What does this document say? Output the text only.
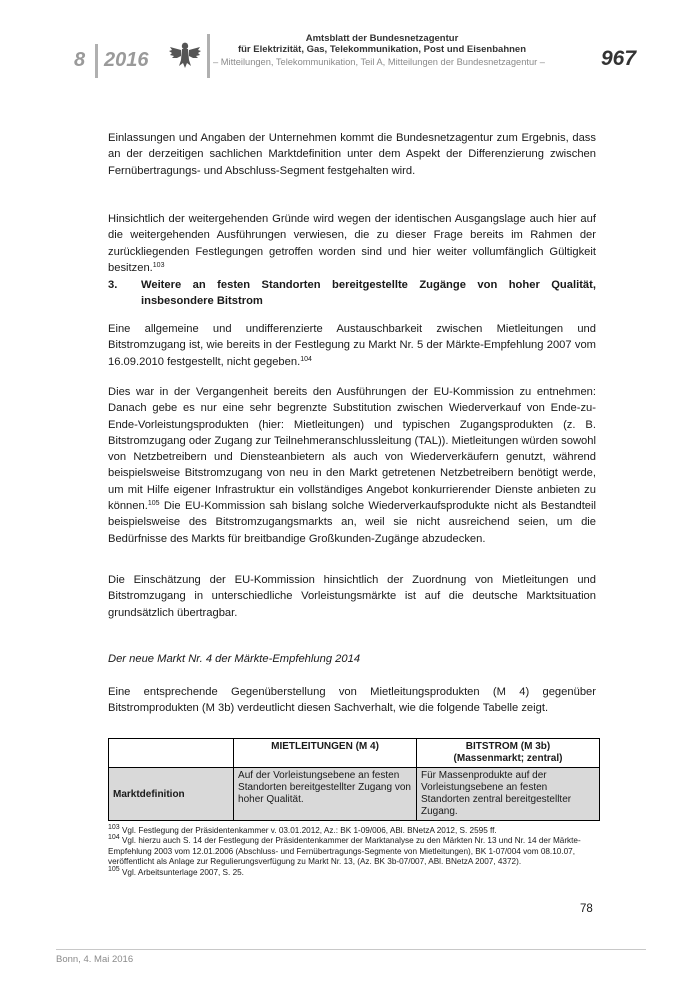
8 2016
Amtsblatt der Bundesnetzagentur
für Elektrizität, Gas, Telekommunikation, Post und Eisenbahnen
– Mitteilungen, Telekommunikation, Teil A, Mitteilungen der Bundesnetzagentur –	967

Einlassungen und Angaben der Unternehmen kommt die Bundesnetzagentur zum Ergebnis, dass an der derzeitigen sachlichen Marktdefinition unter dem Aspekt der Differenzierung zwischen Fernübertragungs- und Abschluss-Segment festgehalten wird.

Hinsichtlich der weitergehenden Gründe wird wegen der identischen Ausgangslage auch hier auf die weitergehenden Ausführungen verwiesen, die zu dieser Frage bereits im Rahmen der zurückliegenden Festlegungen getroffen worden sind und hier weiter vollumfänglich Gültigkeit besitzen.$^{103}$

3. Weitere an festen Standorten bereitgestellte Zugänge von hoher Qualität, insbesondere Bitstrom

Eine allgemeine und undifferenzierte Austauschbarkeit zwischen Mietleitungen und Bitstromzugang ist, wie bereits in der Festlegung zu Markt Nr. 5 der Märkte-Empfehlung 2007 vom 16.09.2010 festgestellt, nicht gegeben.$^{104}$

Dies war in der Vergangenheit bereits den Ausführungen der EU-Kommission zu entnehmen: Danach gebe es nur eine sehr begrenzte Substitution zwischen Wiederverkauf von Ende-zu-Ende-Vorleistungsprodukten (hier: Mietleitungen) und typischen Zugangsprodukten (z. B. Bitstromzugang oder Zugang zur Teilnehmeranschlussleitung (TAL)). Mietleitungen würden sowohl von Netzbetreibern und Diensteanbietern als auch von Wiederverkäufern genutzt, während beispielsweise Bitstromzugang von neu in den Markt getretenen Netzbetreibern benötigt werde, um mit Hilfe eigener Infrastruktur ein vollständiges Angebot konkurrierender Dienste anbieten zu können.$^{105}$ Die EU-Kommission sah bislang solche Wiederverkaufsprodukte nicht als Bestandteil beispielsweise des Bitstromzugangsmarkts an, weil sie nicht ausreichend seien, um die Bedürfnisse des Markts für breitbandige Großkunden-Zugänge abzudecken.

Die Einschätzung der EU-Kommission hinsichtlich der Zuordnung von Mietleitungen und Bitstromzugang in unterschiedliche Vorleistungsmärkte ist auf die deutsche Marktsituation grundsätzlich übertragbar.

Der neue Markt Nr. 4 der Märkte-Empfehlung 2014

Eine entsprechende Gegenüberstellung von Mietleitungsprodukten (M 4) gegenüber Bitstromprodukten (M 3b) verdeutlicht diesen Sachverhalt, wie die folgende Tabelle zeigt.

	MIETLEITUNGEN (M 4)	BITSTROM (M 3b)
(Massenmarkt; zentral)

Marktdefinition	Auf der Vorleistungsebene an festen Standorten bereitgestellter Zugang von hoher Qualität.	Für Massenprodukte auf der Vorleistungsebene an festen Standorten zentral bereitgestellter Zugang.
$^{103}$ Vgl. Festlegung der Präsidentenkammer v. 03.01.2012, Az.: BK 1-09/006, ABl. BNetzA 2012, S. 2595 ff.
$^{104}$ Vgl. hierzu auch S. 14 der Festlegung der Präsidentenkammer der Marktanalyse zu den Märkten Nr. 13 und Nr. 14 der Märkte-Empfehlung 2003 vom 12.01.2006 (Abschluss- und Fernübertragungs-Segmente von Mietleitungen), BK 1-07/004 vom 08.10.07, veröffentlicht als Anlage zur Regulierungsverfügung zu Markt Nr. 13, (Az. BK 3b-07/007, ABl. BNetzA 2007, 4372).
$^{105}$ Vgl. Arbeitsunterlage 2007, S. 25.
78
Bonn, 4. Mai 2016
